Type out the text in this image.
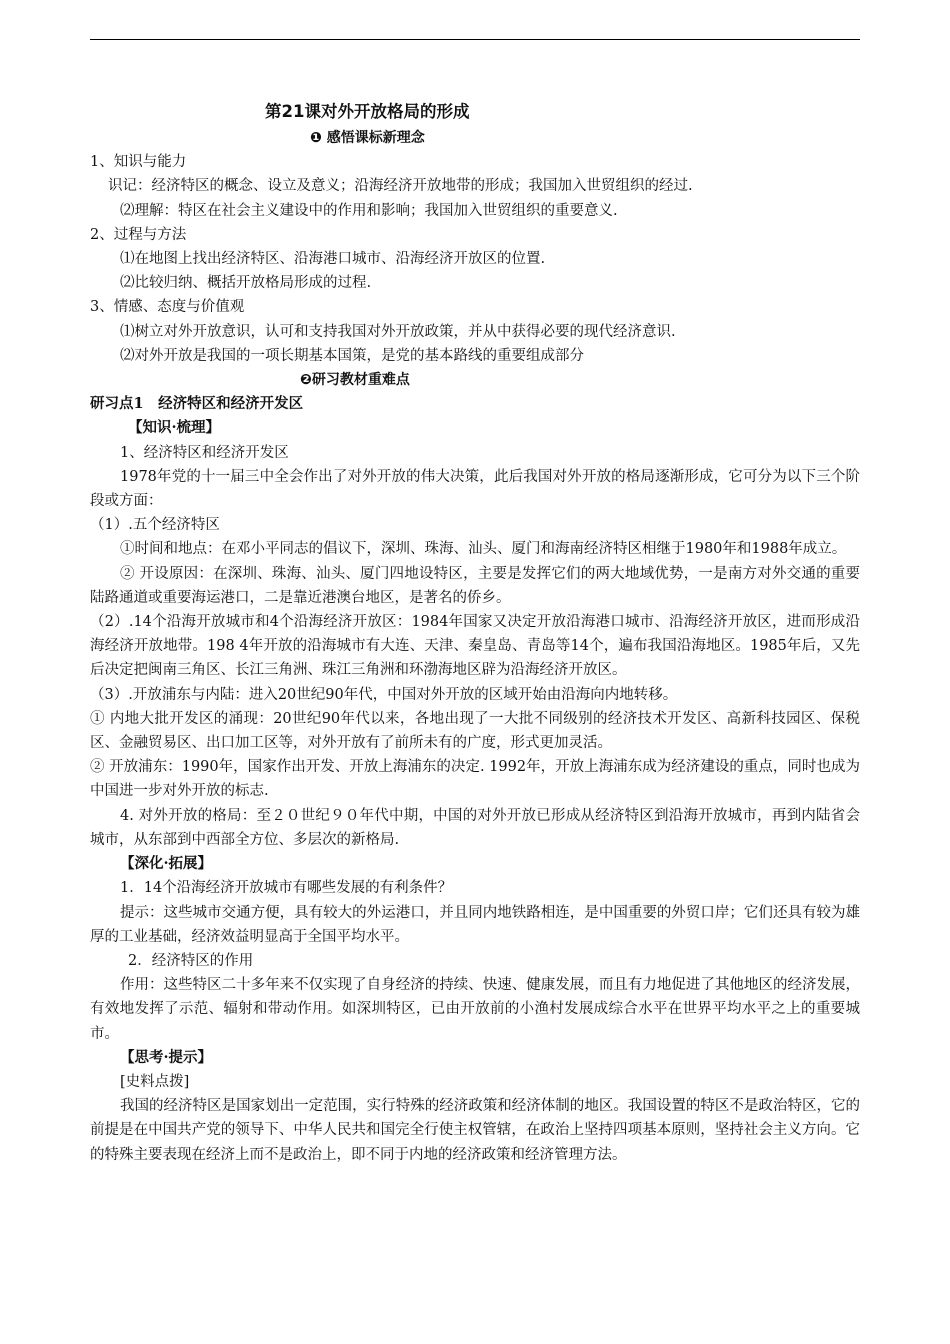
第21课对外开放格局的形成

❶ 感悟课标新理念

1、知识与能力

识记：经济特区的概念、设立及意义；沿海经济开放地带的形成；我国加入世贸组织的经过.

⑵理解：特区在社会主义建设中的作用和影响；我国加入世贸组织的重要意义.

2、过程与方法

⑴在地图上找出经济特区、沿海港口城市、沿海经济开放区的位置.

⑵比较归纳、概括开放格局形成的过程.

3、情感、态度与价值观

⑴树立对外开放意识，认可和支持我国对外开放政策，并从中获得必要的现代经济意识.

⑵对外开放是我国的一项长期基本国策，是党的基本路线的重要组成部分

❷研习教材重难点

研习点1　经济特区和经济开发区

【知识·梳理】

1、经济特区和经济开发区

1978年党的十一届三中全会作出了对外开放的伟大决策，此后我国对外开放的格局逐渐形成，它可分为以下三个阶段或方面：

（1）.五个经济特区

①时间和地点：在邓小平同志的倡议下，深圳、珠海、汕头、厦门和海南经济特区相继于1980年和1988年成立。

② 开设原因：在深圳、珠海、汕头、厦门四地设特区，主要是发挥它们的两大地域优势，一是南方对外交通的重要陆路通道或重要海运港口，二是靠近港澳台地区，是著名的侨乡。

（2）.14个沿海开放城市和4个沿海经济开放区：1984年国家又决定开放沿海港口城市、沿海经济开放区，进而形成沿海经济开放地带。198 4年开放的沿海城市有大连、天津、秦皇岛、青岛等14个，遍布我国沿海地区。1985年后，又先后决定把闽南三角区、长江三角洲、珠江三角洲和环渤海地区辟为沿海经济开放区。

（3）.开放浦东与内陆：进入20世纪90年代，中国对外开放的区域开始由沿海向内地转移。

① 内地大批开发区的涌现：20世纪90年代以来，各地出现了一大批不同级别的经济技术开发区、高新科技园区、保税区、金融贸易区、出口加工区等，对外开放有了前所未有的广度，形式更加灵活。

② 开放浦东：1990年，国家作出开发、开放上海浦东的决定. 1992年，开放上海浦东成为经济建设的重点，同时也成为中国进一步对外开放的标志.

4. 对外开放的格局：至２０世纪９０年代中期，中国的对外开放已形成从经济特区到沿海开放城市，再到内陆省会城市，从东部到中西部全方位、多层次的新格局.

【深化·拓展】

1．14个沿海经济开放城市有哪些发展的有利条件？

提示：这些城市交通方便，具有较大的外运港口，并且同内地铁路相连，是中国重要的外贸口岸；它们还具有较为雄厚的工业基础，经济效益明显高于全国平均水平。

2．经济特区的作用

作用：这些特区二十多年来不仅实现了自身经济的持续、快速、健康发展，而且有力地促进了其他地区的经济发展，有效地发挥了示范、辐射和带动作用。如深圳特区，已由开放前的小渔村发展成综合水平在世界平均水平之上的重要城市。

【思考·提示】

[史料点拨]

我国的经济特区是国家划出一定范围，实行特殊的经济政策和经济体制的地区。我国设置的特区不是政治特区，它的前提是在中国共产党的领导下、中华人民共和国完全行使主权管辖，在政治上坚持四项基本原则，坚持社会主义方向。它的特殊主要表现在经济上而不是政治上，即不同于内地的经济政策和经济管理方法。
